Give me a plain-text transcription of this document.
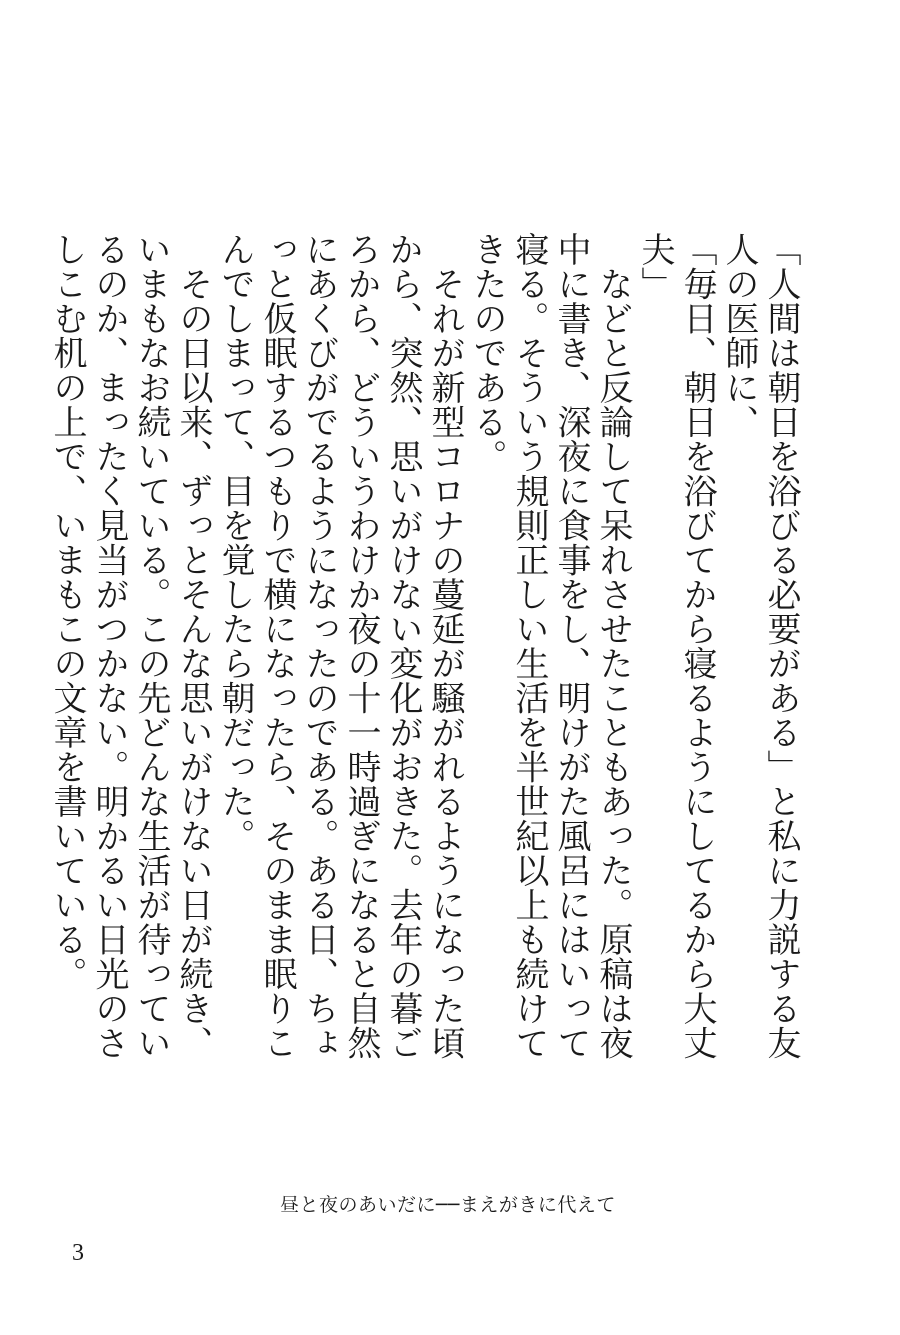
「人間は朝日を浴びる必要がある」と私に力説する友人の医師に、

「毎日、朝日を浴びてから寝るようにしてるから大丈夫」

　などと反論して呆れさせたこともあった。原稿は夜中に書き、深夜に食事をし、明けがた風呂にはいって寝る。そういう規則正しい生活を半世紀以上も続けてきたのである。

　それが新型コロナの蔓延が騒がれるようになった頃から、突然、思いがけない変化がおきた。去年の暮ごろから、どういうわけか夜の十一時過ぎになると自然にあくびがでるようになったのである。ある日、ちょっと仮眠するつもりで横になったら、そのまま眠りこんでしまって、目を覚したら朝だった。

　その日以来、ずっとそんな思いがけない日が続き、いまもなお続いている。この先どんな生活が待っているのか、まったく見当がつかない。明かるい日光のさしこむ机の上で、いまもこの文章を書いている。

昼と夜のあいだに──まえがきに代えて
3
